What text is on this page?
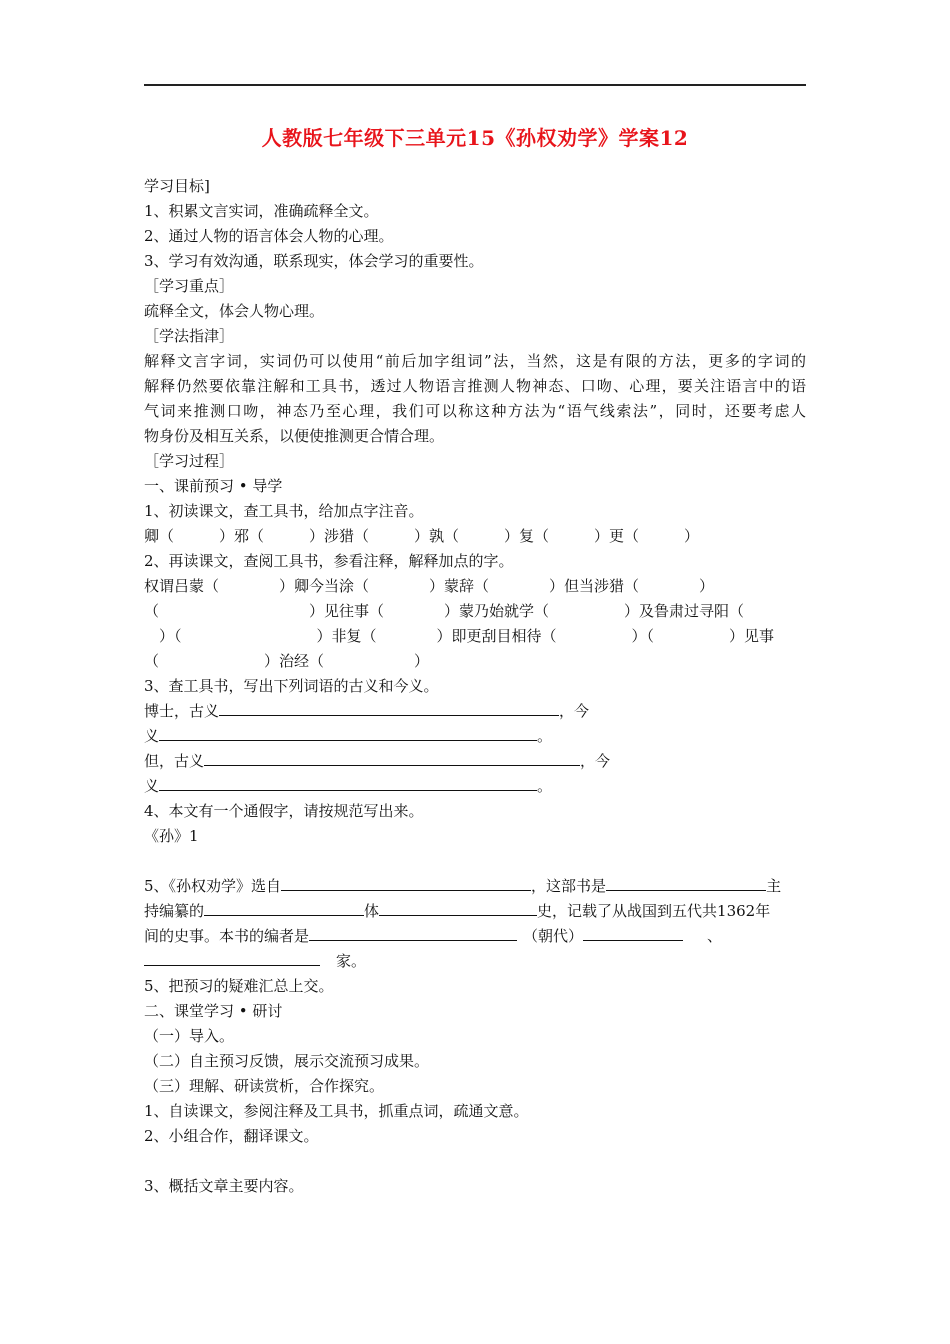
人教版七年级下三单元15《孙权劝学》学案12
学习目标]
1、积累文言实词，准确疏释全文。
2、通过人物的语言体会人物的心理。
3、学习有效沟通，联系现实，体会学习的重要性。
［学习重点］
疏释全文，体会人物心理。
［学法指津］
解释文言字词，实词仍可以使用“前后加字组词”法，当然，这是有限的方法，更多的字词的
解释仍然要依靠注解和工具书，透过人物语言推测人物神态、口吻、心理，要关注语言中的语
气词来推测口吻，神态乃至心理，我们可以称这种方法为“语气线索法”，同时，还要考虑人
物身份及相互关系，以便使推测更合情合理。
［学习过程］
一、课前预习 • 导学
1、初读课文，查工具书，给加点字注音。
卿（　　　）邪（　　　）涉猎（　　　）孰（　　　）复（　　　）更（　　　）
2、再读课文，查阅工具书，参看注释，解释加点的字。
权谓吕蒙（　　　　）卿今当涂（　　　　）蒙辞（　　　　）但当涉猎（　　　　）
（　　　　　　　　　　）见往事（　　　　）蒙乃始就学（　　　　　）及鲁肃过寻阳（
　）（　　　　　　　　　）非复（　　　　）即更刮目相待（　　　　　）（　　　　　）见事
（　　　　　　　）治经（　　　　　　）
3、查工具书，写出下列词语的古义和今义。
博士，古义	，今
义	。
但，古义	，今
义	。
4、本文有一个通假字，请按规范写出来。
《孙》1
5、《孙权劝学》选自	，这部书是	主
持编纂的	体	史，记载了从战国到五代共1362年
间的史事。本书的编者是	（朝代）	、
家。
5、把预习的疑难汇总上交。
二、课堂学习 • 研讨
（一）导入。
（二）自主预习反馈，展示交流预习成果。
（三）理解、研读赏析，合作探究。
1、自读课文，参阅注释及工具书，抓重点词，疏通文意。
2、小组合作，翻译课文。
3、概括文章主要内容。
